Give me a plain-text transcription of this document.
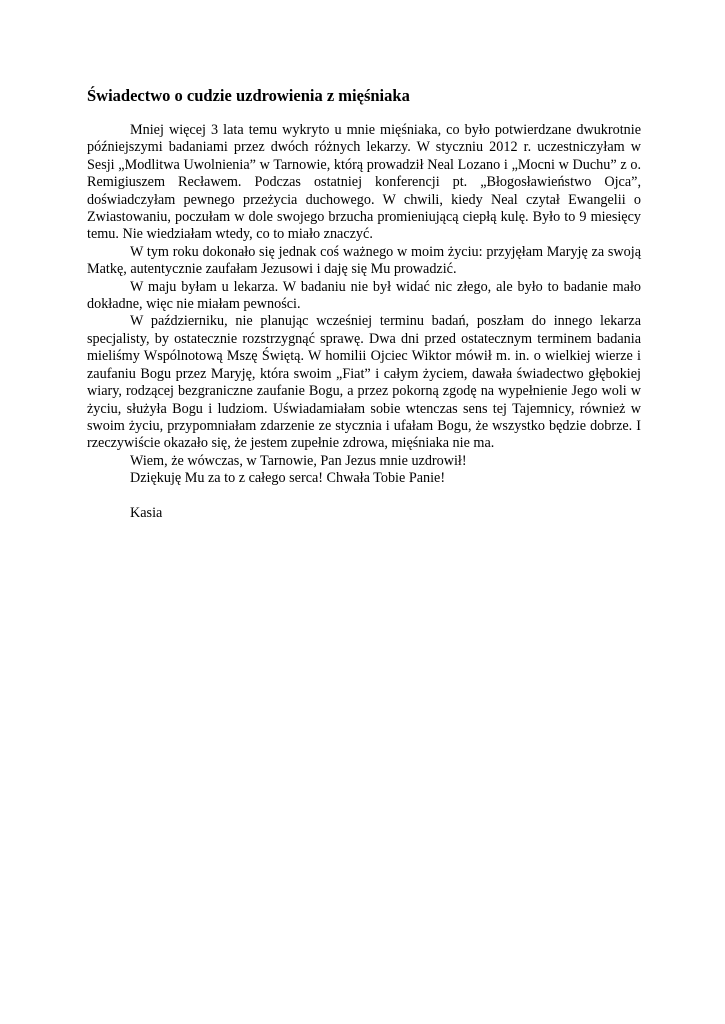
Świadectwo o cudzie uzdrowienia z mięśniaka

Mniej więcej 3 lata temu wykryto u mnie mięśniaka, co było potwierdzane dwukrotnie późniejszymi badaniami przez dwóch różnych lekarzy. W styczniu 2012 r. uczestniczyłam w Sesji „Modlitwa Uwolnienia” w Tarnowie, którą prowadził Neal Lozano i „Mocni w Duchu” z o. Remigiuszem Recławem. Podczas ostatniej konferencji pt. „Błogosławieństwo Ojca”, doświadczyłam pewnego przeżycia duchowego. W chwili, kiedy Neal czytał Ewangelii o Zwiastowaniu, poczułam w dole swojego brzucha promieniującą ciepłą kulę. Było to 9 miesięcy temu. Nie wiedziałam wtedy, co to miało znaczyć.

W tym roku dokonało się jednak coś ważnego w moim życiu: przyjęłam Maryję za swoją Matkę, autentycznie zaufałam Jezusowi i daję się Mu prowadzić.

W maju byłam u lekarza. W badaniu nie był widać nic złego, ale było to badanie mało dokładne, więc nie miałam pewności.

W październiku, nie planując wcześniej terminu badań, poszłam do innego lekarza specjalisty, by ostatecznie rozstrzygnąć sprawę. Dwa dni przed ostatecznym terminem badania mieliśmy Wspólnotową Mszę Świętą. W homilii Ojciec Wiktor mówił m. in. o wielkiej wierze i zaufaniu Bogu przez Maryję, która swoim „Fiat” i całym życiem, dawała świadectwo głębokiej wiary, rodzącej bezgraniczne zaufanie Bogu, a przez pokorną zgodę na wypełnienie Jego woli w życiu, służyła Bogu i ludziom. Uświadamiałam sobie wtenczas sens tej Tajemnicy, również w swoim życiu, przypomniałam zdarzenie ze stycznia i ufałam Bogu, że wszystko będzie dobrze. I rzeczywiście okazało się, że jestem zupełnie zdrowa, mięśniaka nie ma.

Wiem, że wówczas, w Tarnowie, Pan Jezus mnie uzdrowił!
Dziękuję Mu za to z całego serca! Chwała Tobie Panie!
Kasia
